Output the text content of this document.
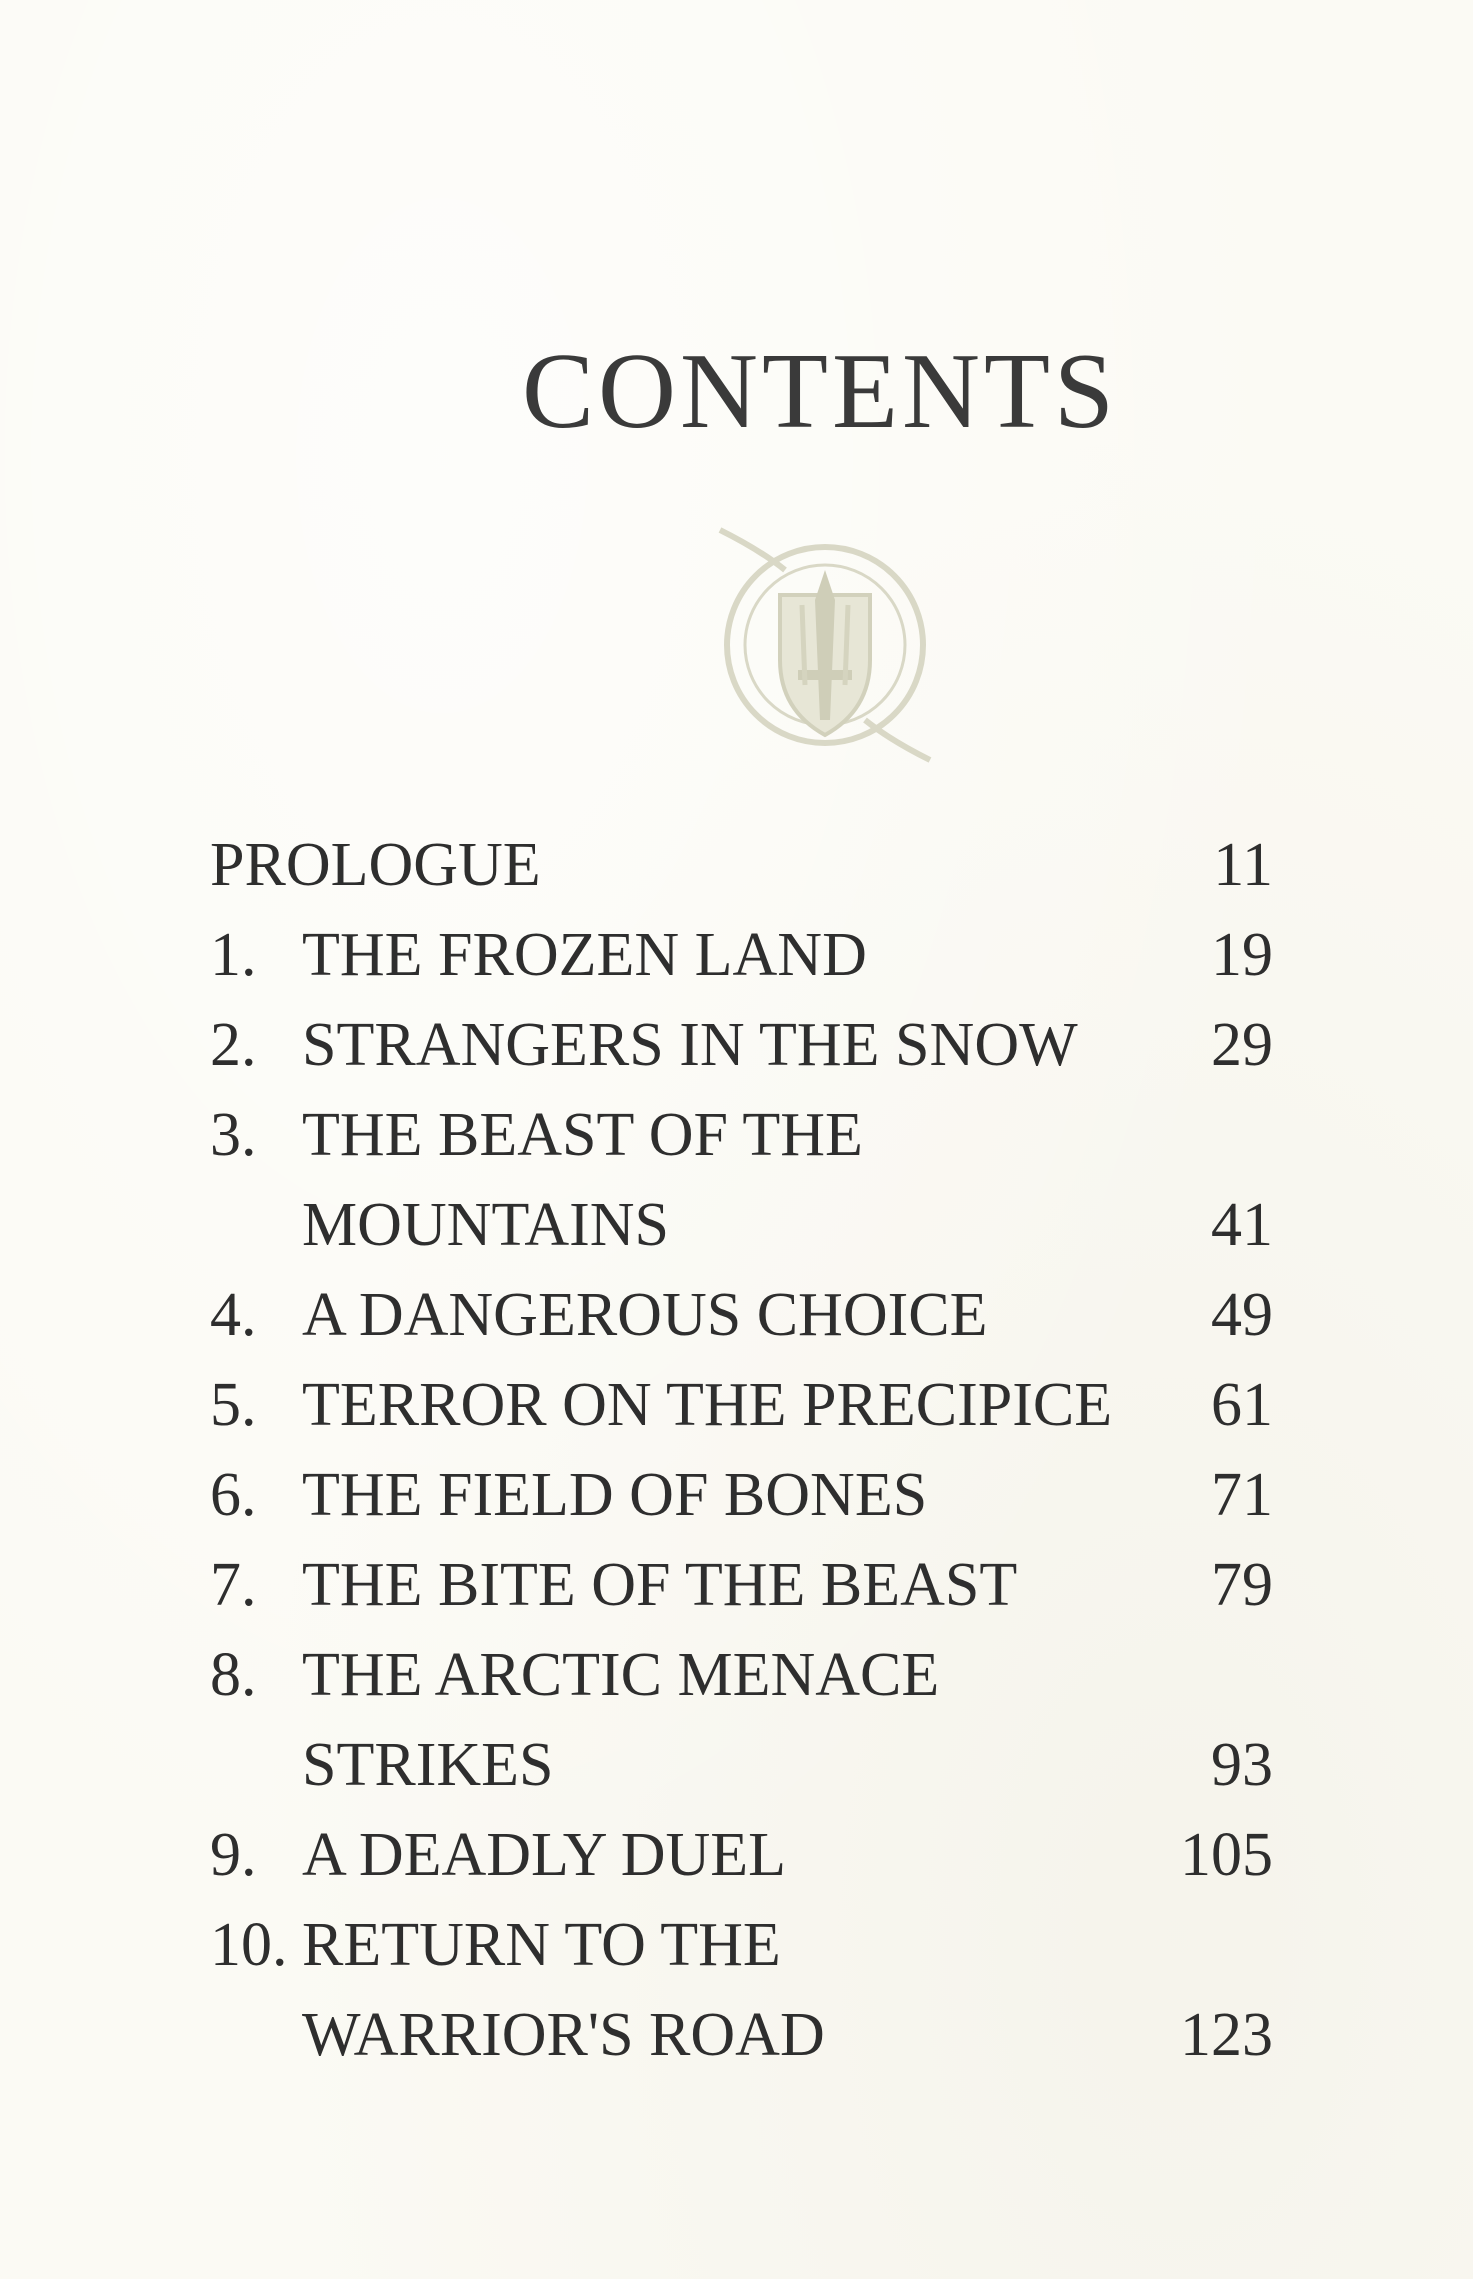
CONTENTS
PROLOGUE	11
1. THE FROZEN LAND	19
2. STRANGERS IN THE SNOW	29
3. THE BEAST OF THE
MOUNTAINS	41
4. A DANGEROUS CHOICE	49
5. TERROR ON THE PRECIPICE	61
6. THE FIELD OF BONES	71
7. THE BITE OF THE BEAST	79
8. THE ARCTIC MENACE
STRIKES	93
9. A DEADLY DUEL	105
10. RETURN TO THE
WARRIOR'S ROAD	123
